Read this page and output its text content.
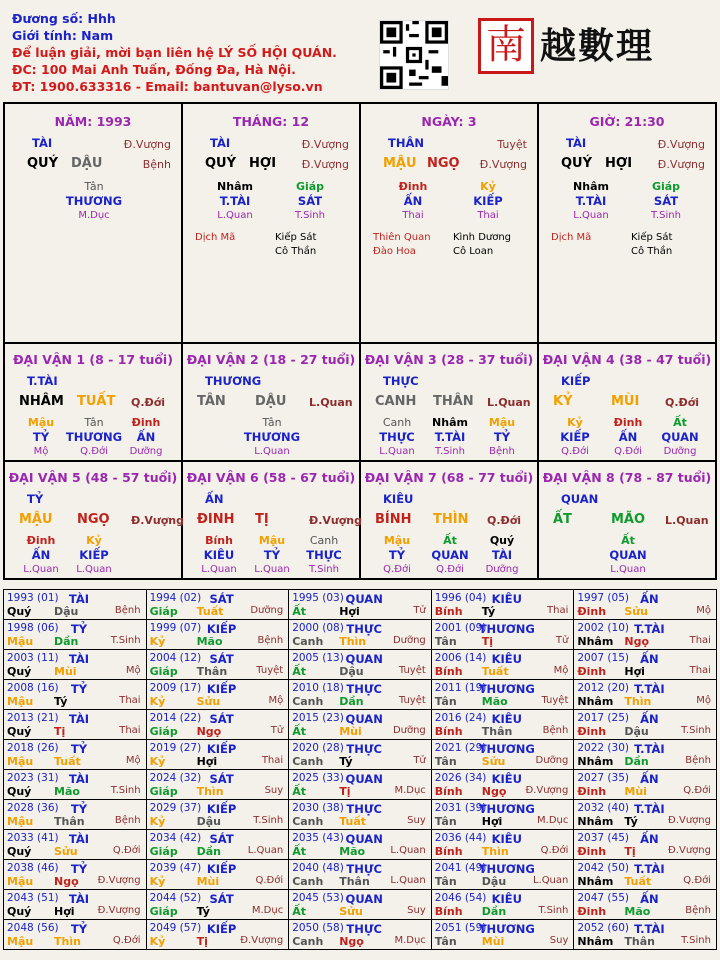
Đương số: Hhh
Giới tính: Nam
Để luận giải, mời bạn liên hệ LÝ SỐ HỘI QUÁN.
ĐC: 100 Mai Anh Tuấn, Đống Đa, Hà Nội.
ĐT: 1900.633316 - Email: bantuvan@lyso.vn
南 越數理
NĂM: 1993
TÀI	Đ.Vượng
QUÝ DẬU	Bệnh
Tân
THƯƠNG
M.Dục
THÁNG: 12
TÀI	Đ.Vượng
QUÝ HỢI Đ.Vượng
Nhâm
T.TÀI
L.Quan
Giáp
SÁT
T.Sinh
Dịch Mã	Kiếp Sát
Cô Thần
NGÀY: 3
THÂN	Tuyệt
MẬU NGỌ Đ.Vượng
Đinh
ẤN
Thai
Kỷ
KIẾP
Thai
Thiên Quan Kình Dương
Đào Hoa	Cô Loan
GIỜ: 21:30
TÀI	Đ.Vượng
QUÝ HỢI Đ.Vượng
Nhâm
T.TÀI
L.Quan
Giáp
SÁT
T.Sinh
Dịch Mã	Kiếp Sát
Cô Thần
ĐẠI VẬN 1 (8 - 17 tuổi)
T.TÀI
NHÂM TUẤT Q.Đới
Mậu
TỶ
Mộ
Tân
THƯƠNG
Q.Đới
Đinh
ẤN
Dưỡng
ĐẠI VẬN 2 (18 - 27 tuổi)
THƯƠNG
TÂN DẬU L.Quan
Tân
THƯƠNG
L.Quan
ĐẠI VẬN 3 (28 - 37 tuổi)
THỰC
CANH THÂN L.Quan
Canh
THỰC
L.Quan
Nhâm
T.TÀI
T.Sinh
Mậu
TỶ
Bệnh
ĐẠI VẬN 4 (38 - 47 tuổi)
KIẾP
KỶ	MÙI Q.Đới
Kỷ
KIẾP
Q.Đới
Đinh
ẤN
Q.Đới
Ất
QUAN
Dưỡng
ĐẠI VẬN 5 (48 - 57 tuổi)
TỶ
MẬU NGỌ Đ.Vượng
Đinh
ẤN
L.Quan
Kỷ
KIẾP
L.Quan
ĐẠI VẬN 6 (58 - 67 tuổi)
ẤN
ĐINH TỊ	Đ.Vượng
Bính
KIÊU
L.Quan
Mậu
TỶ
L.Quan
Canh
THỰC
T.Sinh
ĐẠI VẬN 7 (68 - 77 tuổi)
KIÊU
BÍNH THÌN Q.Đới
Mậu
TỶ
Q.Đới
Ất
QUAN
Q.Đới
Quý
TÀI
Dưỡng
ĐẠI VẬN 8 (78 - 87 tuổi)
QUAN
ẤT	MÃO L.Quan
Ất
QUAN
L.Quan
1993 (01) TÀI
Quý Dậu	Bệnh
1994 (02) SÁT
Giáp Tuất	Dưỡng
1995 (03) QUAN
Ất	Hợi	Tử
1996 (04) KIÊU
Bính Tý	Thai
1997 (05) ẤN
Đinh Sửu	Mộ
1998 (06) TỶ
Mậu Dần	T.Sinh
1999 (07) KIẾP
Kỷ	Mão	Bệnh
2000 (08) THỰC
Canh Thìn	Dưỡng
2001 (09)
THƯƠNG
Tân Tị	Tử
2002 (10) T.TÀI
Nhâm Ngọ	Thai
2003 (11) TÀI
Quý Mùi	Mộ
2004 (12) SÁT
Giáp Thân	Tuyệt
2005 (13) QUAN
Ất	Dậu	Tuyệt
2006 (14) KIÊU
Bính Tuất	Mộ
2007 (15) ẤN
Đinh Hợi	Thai
2008 (16) TỶ
Mậu Tý	Thai
2009 (17) KIẾP
Kỷ	Sửu	Mộ
2010 (18) THỰC
Canh Dần	Tuyệt
2011 (19)
THƯƠNG
Tân Mão	Tuyệt
2012 (20) T.TÀI
Nhâm Thìn	Mộ
2013 (21) TÀI
Quý Tị	Thai
2014 (22) SÁT
Giáp Ngọ	Tử
2015 (23) QUAN
Ất	Mùi	Dưỡng
2016 (24) KIÊU
Bính Thân	Bệnh
2017 (25) ẤN
Đinh Dậu	T.Sinh
2018 (26) TỶ
Mậu Tuất	Mộ
2019 (27) KIẾP
Kỷ	Hợi	Thai
2020 (28) THỰC
Canh Tý	Tử
2021 (29)
THƯƠNG
Tân Sửu	Dưỡng
2022 (30) T.TÀI
Nhâm Dần	Bệnh
2023 (31) TÀI
Quý Mão	T.Sinh
2024 (32) SÁT
Giáp Thìn	Suy
2025 (33) QUAN
Ất	Tị	M.Dục
2026 (34) KIÊU
Bính Ngọ Đ.Vượng
2027 (35) ẤN
Đinh Mùi	Q.Đới
2028 (36) TỶ
Mậu Thân	Bệnh
2029 (37) KIẾP
Kỷ	Dậu	T.Sinh
2030 (38) THỰC
Canh Tuất	Suy
2031 (39)
THƯƠNG
Tân Hợi	M.Dục
2032 (40) T.TÀI
Nhâm Tý	Đ.Vượng
2033 (41) TÀI
Quý Sửu	Q.Đới
2034 (42) SÁT
Giáp Dần	L.Quan
2035 (43) QUAN
Ất	Mão	L.Quan
2036 (44) KIÊU
Bính Thìn	Q.Đới
2037 (45) ẤN
Đinh Tị	Đ.Vượng
2038 (46) TỶ
Mậu Ngọ Đ.Vượng
2039 (47) KIẾP
Kỷ	Mùi	Q.Đới
2040 (48) THỰC
Canh Thân L.Quan
2041 (49)
THƯƠNG
Tân Dậu	L.Quan
2042 (50) T.TÀI
Nhâm Tuất	Q.Đới
2043 (51) TÀI
Quý Hợi Đ.Vượng
2044 (52) SÁT
Giáp Tý	M.Dục
2045 (53) QUAN
Ất	Sửu	Suy
2046 (54) KIÊU
Bính Dần	T.Sinh
2047 (55) ẤN
Đinh Mão	Bệnh
2048 (56) TỶ
Mậu Thìn	Q.Đới
2049 (57) KIẾP
Kỷ	Tị	Đ.Vượng
2050 (58) THỰC
Canh Ngọ	M.Dục
2051 (59)
THƯƠNG
Tân Mùi	Suy
2052 (60) T.TÀI
Nhâm Thân	T.Sinh
